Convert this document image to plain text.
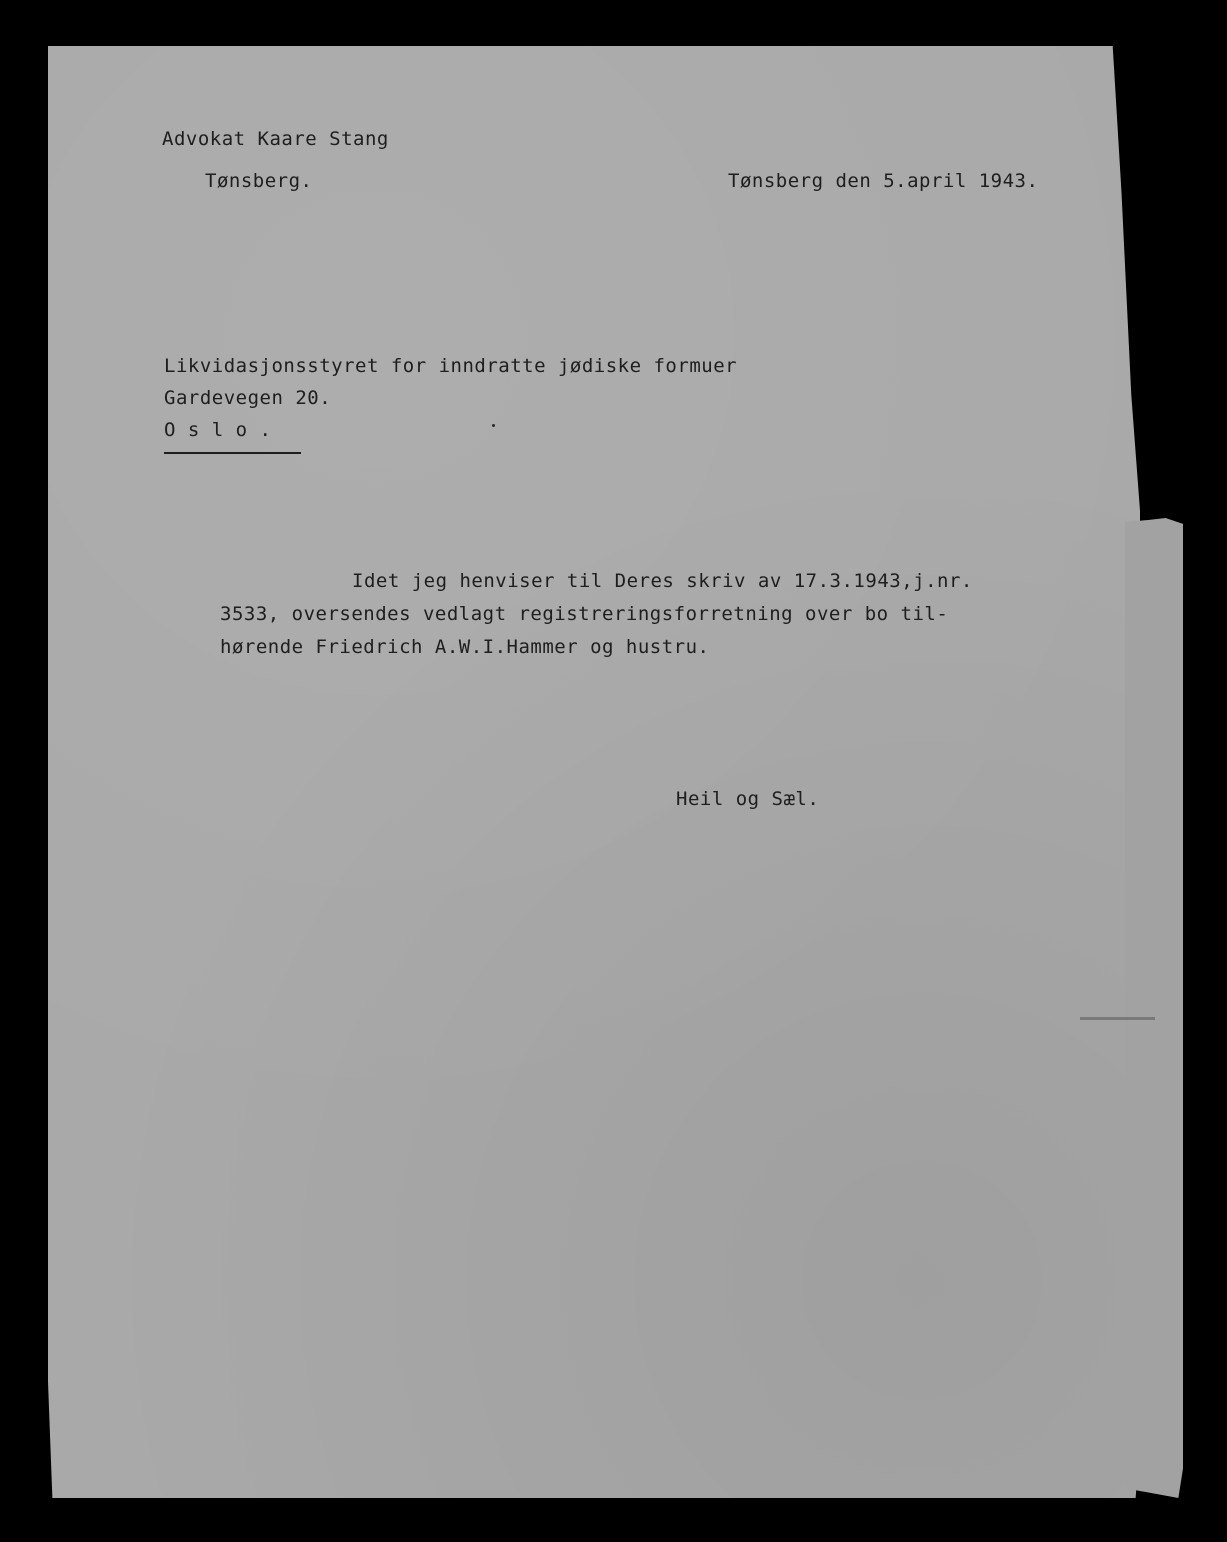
Advokat Kaare Stang
Tønsberg.	Tønsberg den 5.april 1943.
Likvidasjonsstyret for inndratte jødiske formuer
Gardevegen 20.
O s l o .
Idet jeg henviser til Deres skriv av 17.3.1943,j.nr.
3533, oversendes vedlagt registreringsforretning over bo til-
hørende Friedrich A.W.I.Hammer og hustru.
Heil og Sæl.
